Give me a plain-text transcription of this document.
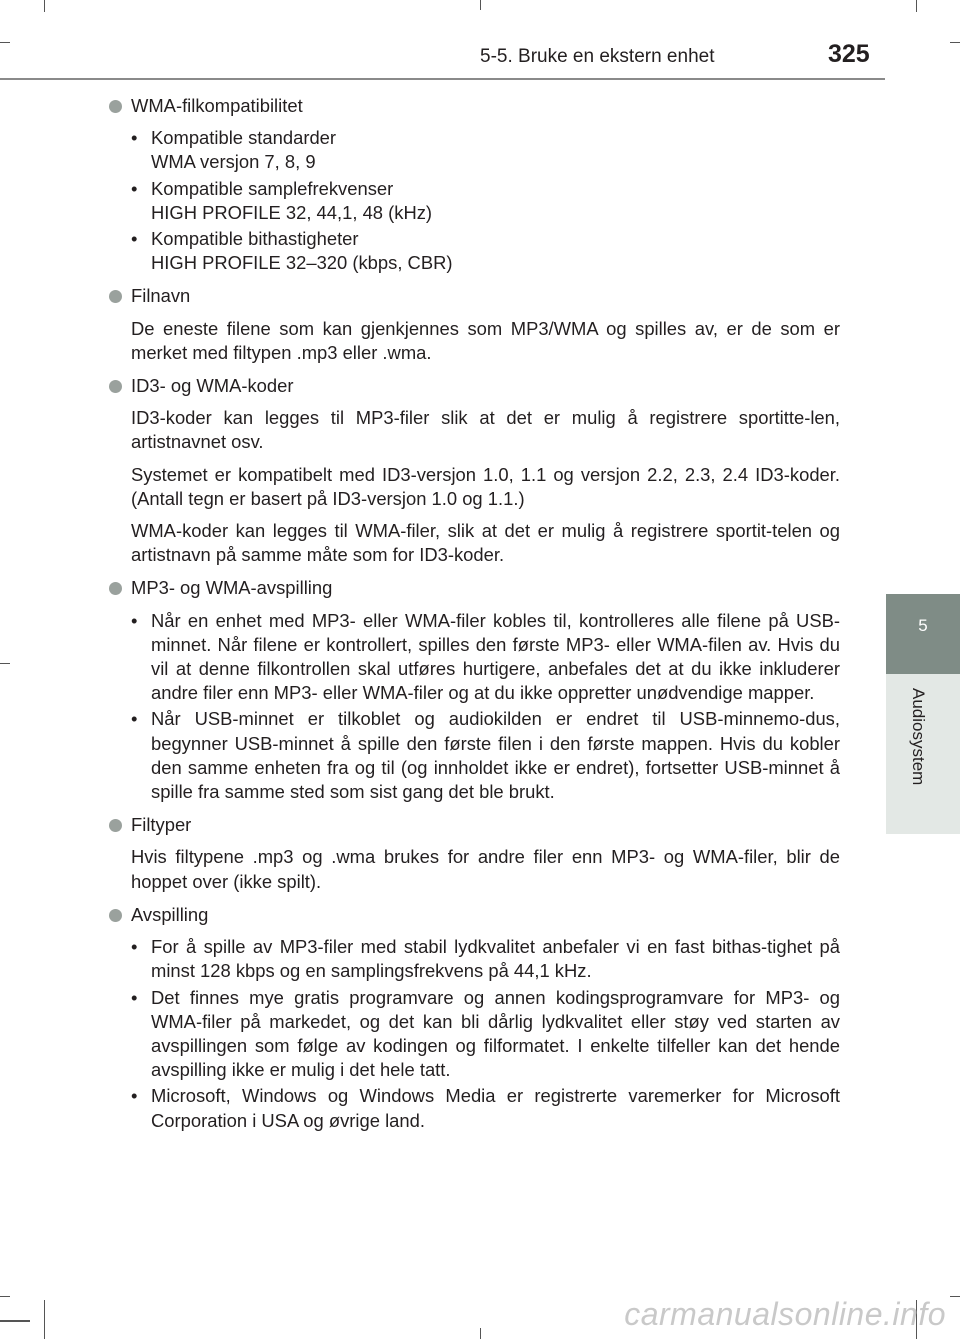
5-5. Bruke en ekstern enhet	325
5
Audiosystem
WMA-filkompatibilitet
• Kompatible standarder
WMA versjon 7, 8, 9
• Kompatible samplefrekvenser
HIGH PROFILE 32, 44,1, 48 (kHz)
• Kompatible bithastigheter
HIGH PROFILE 32–320 (kbps, CBR)
Filnavn
De eneste filene som kan gjenkjennes som MP3/WMA og spilles av, er de som er merket med filtypen .mp3 eller .wma.
ID3- og WMA-koder
ID3-koder kan legges til MP3-filer slik at det er mulig å registrere sportitte-len, artistnavnet osv.
Systemet er kompatibelt med ID3-versjon 1.0, 1.1 og versjon 2.2, 2.3, 2.4 ID3-koder. (Antall tegn er basert på ID3-versjon 1.0 og 1.1.)
WMA-koder kan legges til WMA-filer, slik at det er mulig å registrere sportit-telen og artistnavn på samme måte som for ID3-koder.
MP3- og WMA-avspilling
• Når en enhet med MP3- eller WMA-filer kobles til, kontrolleres alle filene på USB-minnet. Når filene er kontrollert, spilles den første MP3- eller WMA-filen av. Hvis du vil at denne filkontrollen skal utføres hurtigere, anbefales det at du ikke inkluderer andre filer enn MP3- eller WMA-filer og at du ikke oppretter unødvendige mapper.
• Når USB-minnet er tilkoblet og audiokilden er endret til USB-minnemo-dus, begynner USB-minnet å spille den første filen i den første mappen. Hvis du kobler den samme enheten fra og til (og innholdet ikke er endret), fortsetter USB-minnet å spille fra samme sted som sist gang det ble brukt.
Filtyper
Hvis filtypene .mp3 og .wma brukes for andre filer enn MP3- og WMA-filer, blir de hoppet over (ikke spilt).
Avspilling
• For å spille av MP3-filer med stabil lydkvalitet anbefaler vi en fast bithas-tighet på minst 128 kbps og en samplingsfrekvens på 44,1 kHz.
• Det finnes mye gratis programvare og annen kodingsprogramvare for MP3- og WMA-filer på markedet, og det kan bli dårlig lydkvalitet eller støy ved starten av avspillingen som følge av kodingen og filformatet. I enkelte tilfeller kan det hende avspilling ikke er mulig i det hele tatt.
• Microsoft, Windows og Windows Media er registrerte varemerker for Microsoft Corporation i USA og øvrige land.
carmanualsonline.info
